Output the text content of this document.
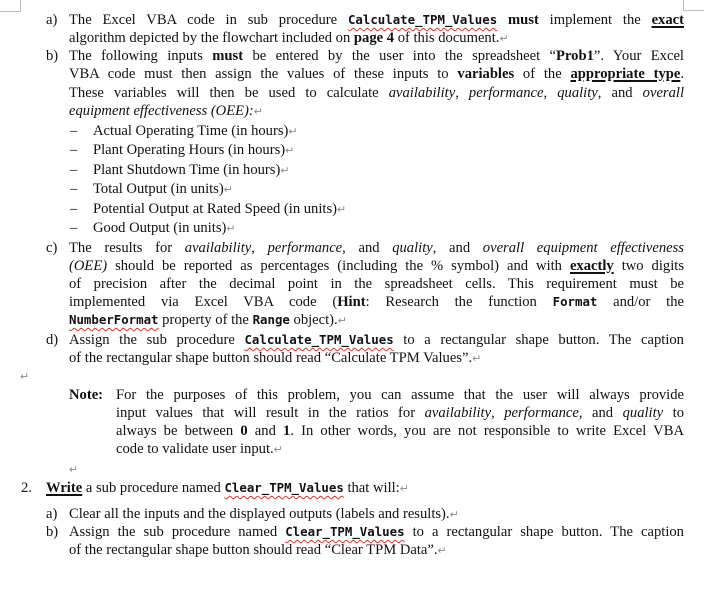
a) The Excel VBA code in sub procedure Calculate_TPM_Values must implement the exact
algorithm depicted by the flowchart included on page 4 of this document.↵
b) The following inputs must be entered by the user into the spreadsheet “Prob1”. Your Excel
VBA code must then assign the values of these inputs to variables of the appropriate type.
These variables will then be used to calculate availability, performance, quality, and overall
equipment effectiveness (OEE):↵
– Actual Operating Time (in hours)↵
– Plant Operating Hours (in hours)↵
– Plant Shutdown Time (in hours)↵
– Total Output (in units)↵
– Potential Output at Rated Speed (in units)↵
– Good Output (in units)↵
c) The results for availability, performance, and quality, and overall equipment effectiveness
(OEE) should be reported as percentages (including the % symbol) and with exactly two digits
of precision after the decimal point in the spreadsheet cells. This requirement must be
implemented via Excel VBA code (Hint: Research the function Format and/or the
NumberFormat property of the Range object).↵
d) Assign the sub procedure Calculate_TPM_Values to a rectangular shape button. The caption
of the rectangular shape button should read “Calculate TPM Values”.↵
↵
Note: For the purposes of this problem, you can assume that the user will always provide
input values that will result in the ratios for availability, performance, and quality to
always be between 0 and 1. In other words, you are not responsible to write Excel VBA
code to validate user input.↵
↵
2. Write a sub procedure named Clear_TPM_Values that will:↵
a) Clear all the inputs and the displayed outputs (labels and results).↵
b) Assign the sub procedure named Clear_TPM_Values to a rectangular shape button. The caption
of the rectangular shape button should read “Clear TPM Data”.↵
